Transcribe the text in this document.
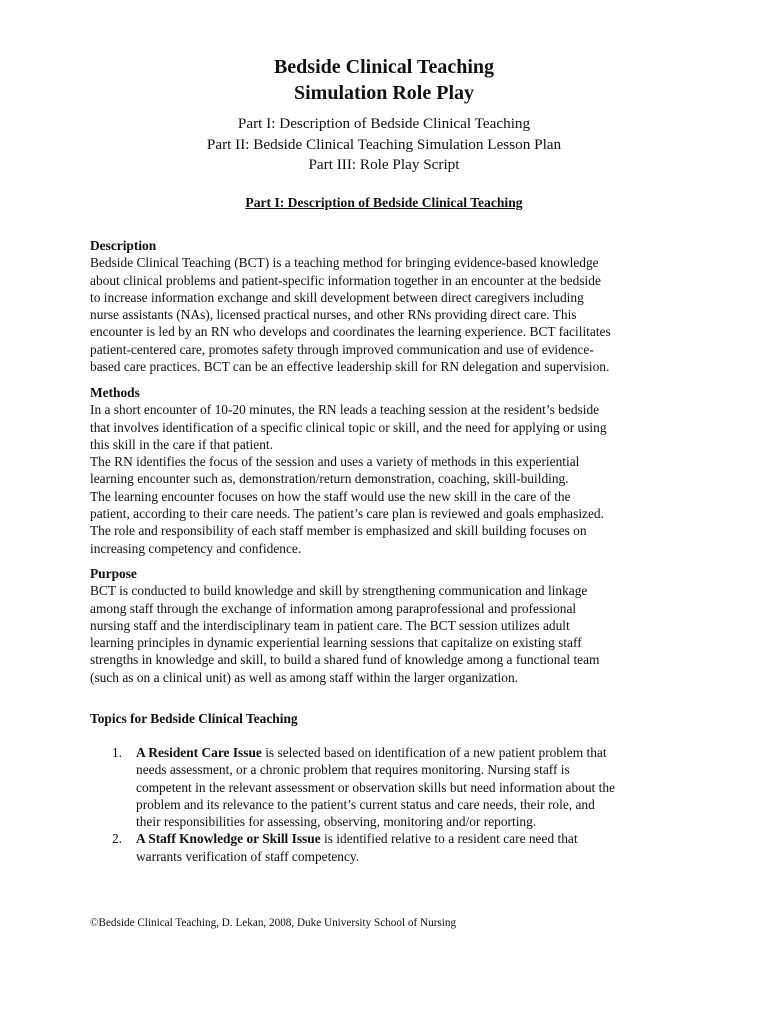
Bedside Clinical Teaching
Simulation Role Play
Part I: Description of Bedside Clinical Teaching
Part II: Bedside Clinical Teaching Simulation Lesson Plan
Part III: Role Play Script
Part I: Description of Bedside Clinical Teaching
Description

Bedside Clinical Teaching (BCT) is a teaching method for bringing evidence-based knowledge

about clinical problems and patient-specific information together in an encounter at the bedside

to increase information exchange and skill development between direct caregivers including

nurse assistants (NAs), licensed practical nurses, and other RNs providing direct care. This

encounter is led by an RN who develops and coordinates the learning experience. BCT facilitates

patient-centered care, promotes safety through improved communication and use of evidence-

based care practices. BCT can be an effective leadership skill for RN delegation and supervision.

Methods

In a short encounter of 10-20 minutes, the RN leads a teaching session at the resident’s bedside

that involves identification of a specific clinical topic or skill, and the need for applying or using

this skill in the care if that patient.

The RN identifies the focus of the session and uses a variety of methods in this experiential

learning encounter such as, demonstration/return demonstration, coaching, skill-building.

The learning encounter focuses on how the staff would use the new skill in the care of the

patient, according to their care needs. The patient’s care plan is reviewed and goals emphasized.

The role and responsibility of each staff member is emphasized and skill building focuses on

increasing competency and confidence.

Purpose

BCT is conducted to build knowledge and skill by strengthening communication and linkage

among staff through the exchange of information among paraprofessional and professional

nursing staff and the interdisciplinary team in patient care. The BCT session utilizes adult

learning principles in dynamic experiential learning sessions that capitalize on existing staff

strengths in knowledge and skill, to build a shared fund of knowledge among a functional team

(such as on a clinical unit) as well as among staff within the larger organization.

Topics for Bedside Clinical Teaching
1. A Resident Care Issue is selected based on identification of a new patient problem that
needs assessment, or a chronic problem that requires monitoring. Nursing staff is
competent in the relevant assessment or observation skills but need information about the
problem and its relevance to the patient’s current status and care needs, their role, and
their responsibilities for assessing, observing, monitoring and/or reporting.
2. A Staff Knowledge or Skill Issue is identified relative to a resident care need that
warrants verification of staff competency.
©Bedside Clinical Teaching, D. Lekan, 2008, Duke University School of Nursing
